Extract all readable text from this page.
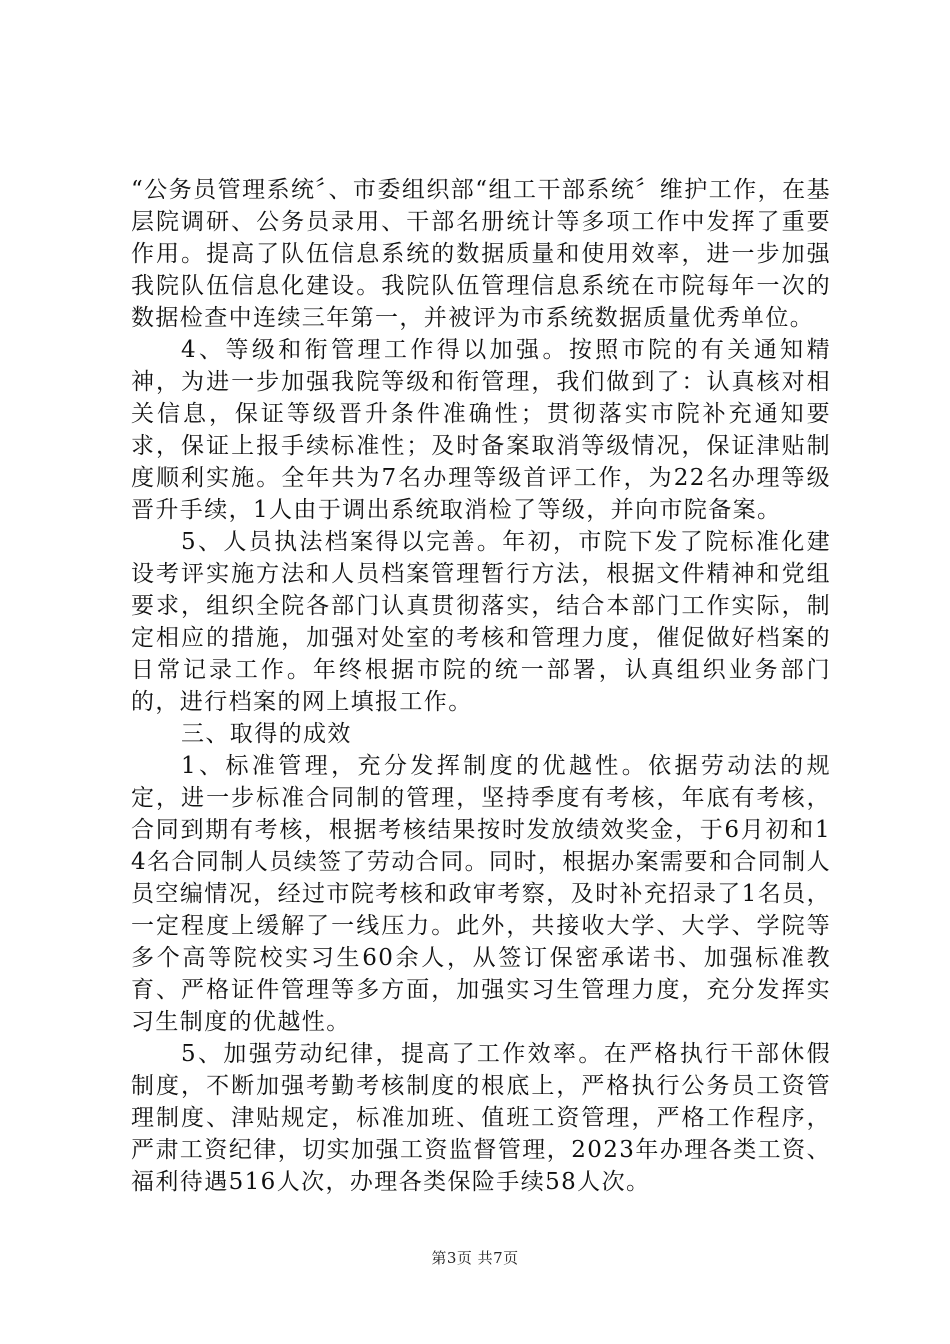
“公务员管理系统〞、市委组织部“组工干部系统〞维护工作，在基层院调研、公务员录用、干部名册统计等多项工作中发挥了重要作用。提高了队伍信息系统的数据质量和使用效率，进一步加强我院队伍信息化建设。我院队伍管理信息系统在市院每年一次的数据检查中连续三年第一，并被评为市系统数据质量优秀单位。

4、等级和衔管理工作得以加强。按照市院的有关通知精神，为进一步加强我院等级和衔管理，我们做到了：认真核对相关信息，保证等级晋升条件准确性；贯彻落实市院补充通知要求，保证上报手续标准性；及时备案取消等级情况，保证津贴制度顺利实施。全年共为7名办理等级首评工作，为22名办理等级晋升手续，1人由于调出系统取消检了等级，并向市院备案。

5、人员执法档案得以完善。年初，市院下发了院标准化建设考评实施方法和人员档案管理暂行方法，根据文件精神和党组要求，组织全院各部门认真贯彻落实，结合本部门工作实际，制定相应的措施，加强对处室的考核和管理力度，催促做好档案的日常记录工作。年终根据市院的统一部署，认真组织业务部门的，进行档案的网上填报工作。

三、取得的成效

1、标准管理，充分发挥制度的优越性。依据劳动法的规定，进一步标准合同制的管理，坚持季度有考核，年底有考核，合同到期有考核，根据考核结果按时发放绩效奖金，于6月初和14名合同制人员续签了劳动合同。同时，根据办案需要和合同制人员空编情况，经过市院考核和政审考察，及时补充招录了1名员，一定程度上缓解了一线压力。此外，共接收大学、大学、学院等多个高等院校实习生60余人，从签订保密承诺书、加强标准教育、严格证件管理等多方面，加强实习生管理力度，充分发挥实习生制度的优越性。

5、加强劳动纪律，提高了工作效率。在严格执行干部休假制度，不断加强考勤考核制度的根底上，严格执行公务员工资管理制度、津贴规定，标准加班、值班工资管理，严格工作程序，严肃工资纪律，切实加强工资监督管理，2023年办理各类工资、福利待遇516人次，办理各类保险手续58人次。

第3页 共7页
